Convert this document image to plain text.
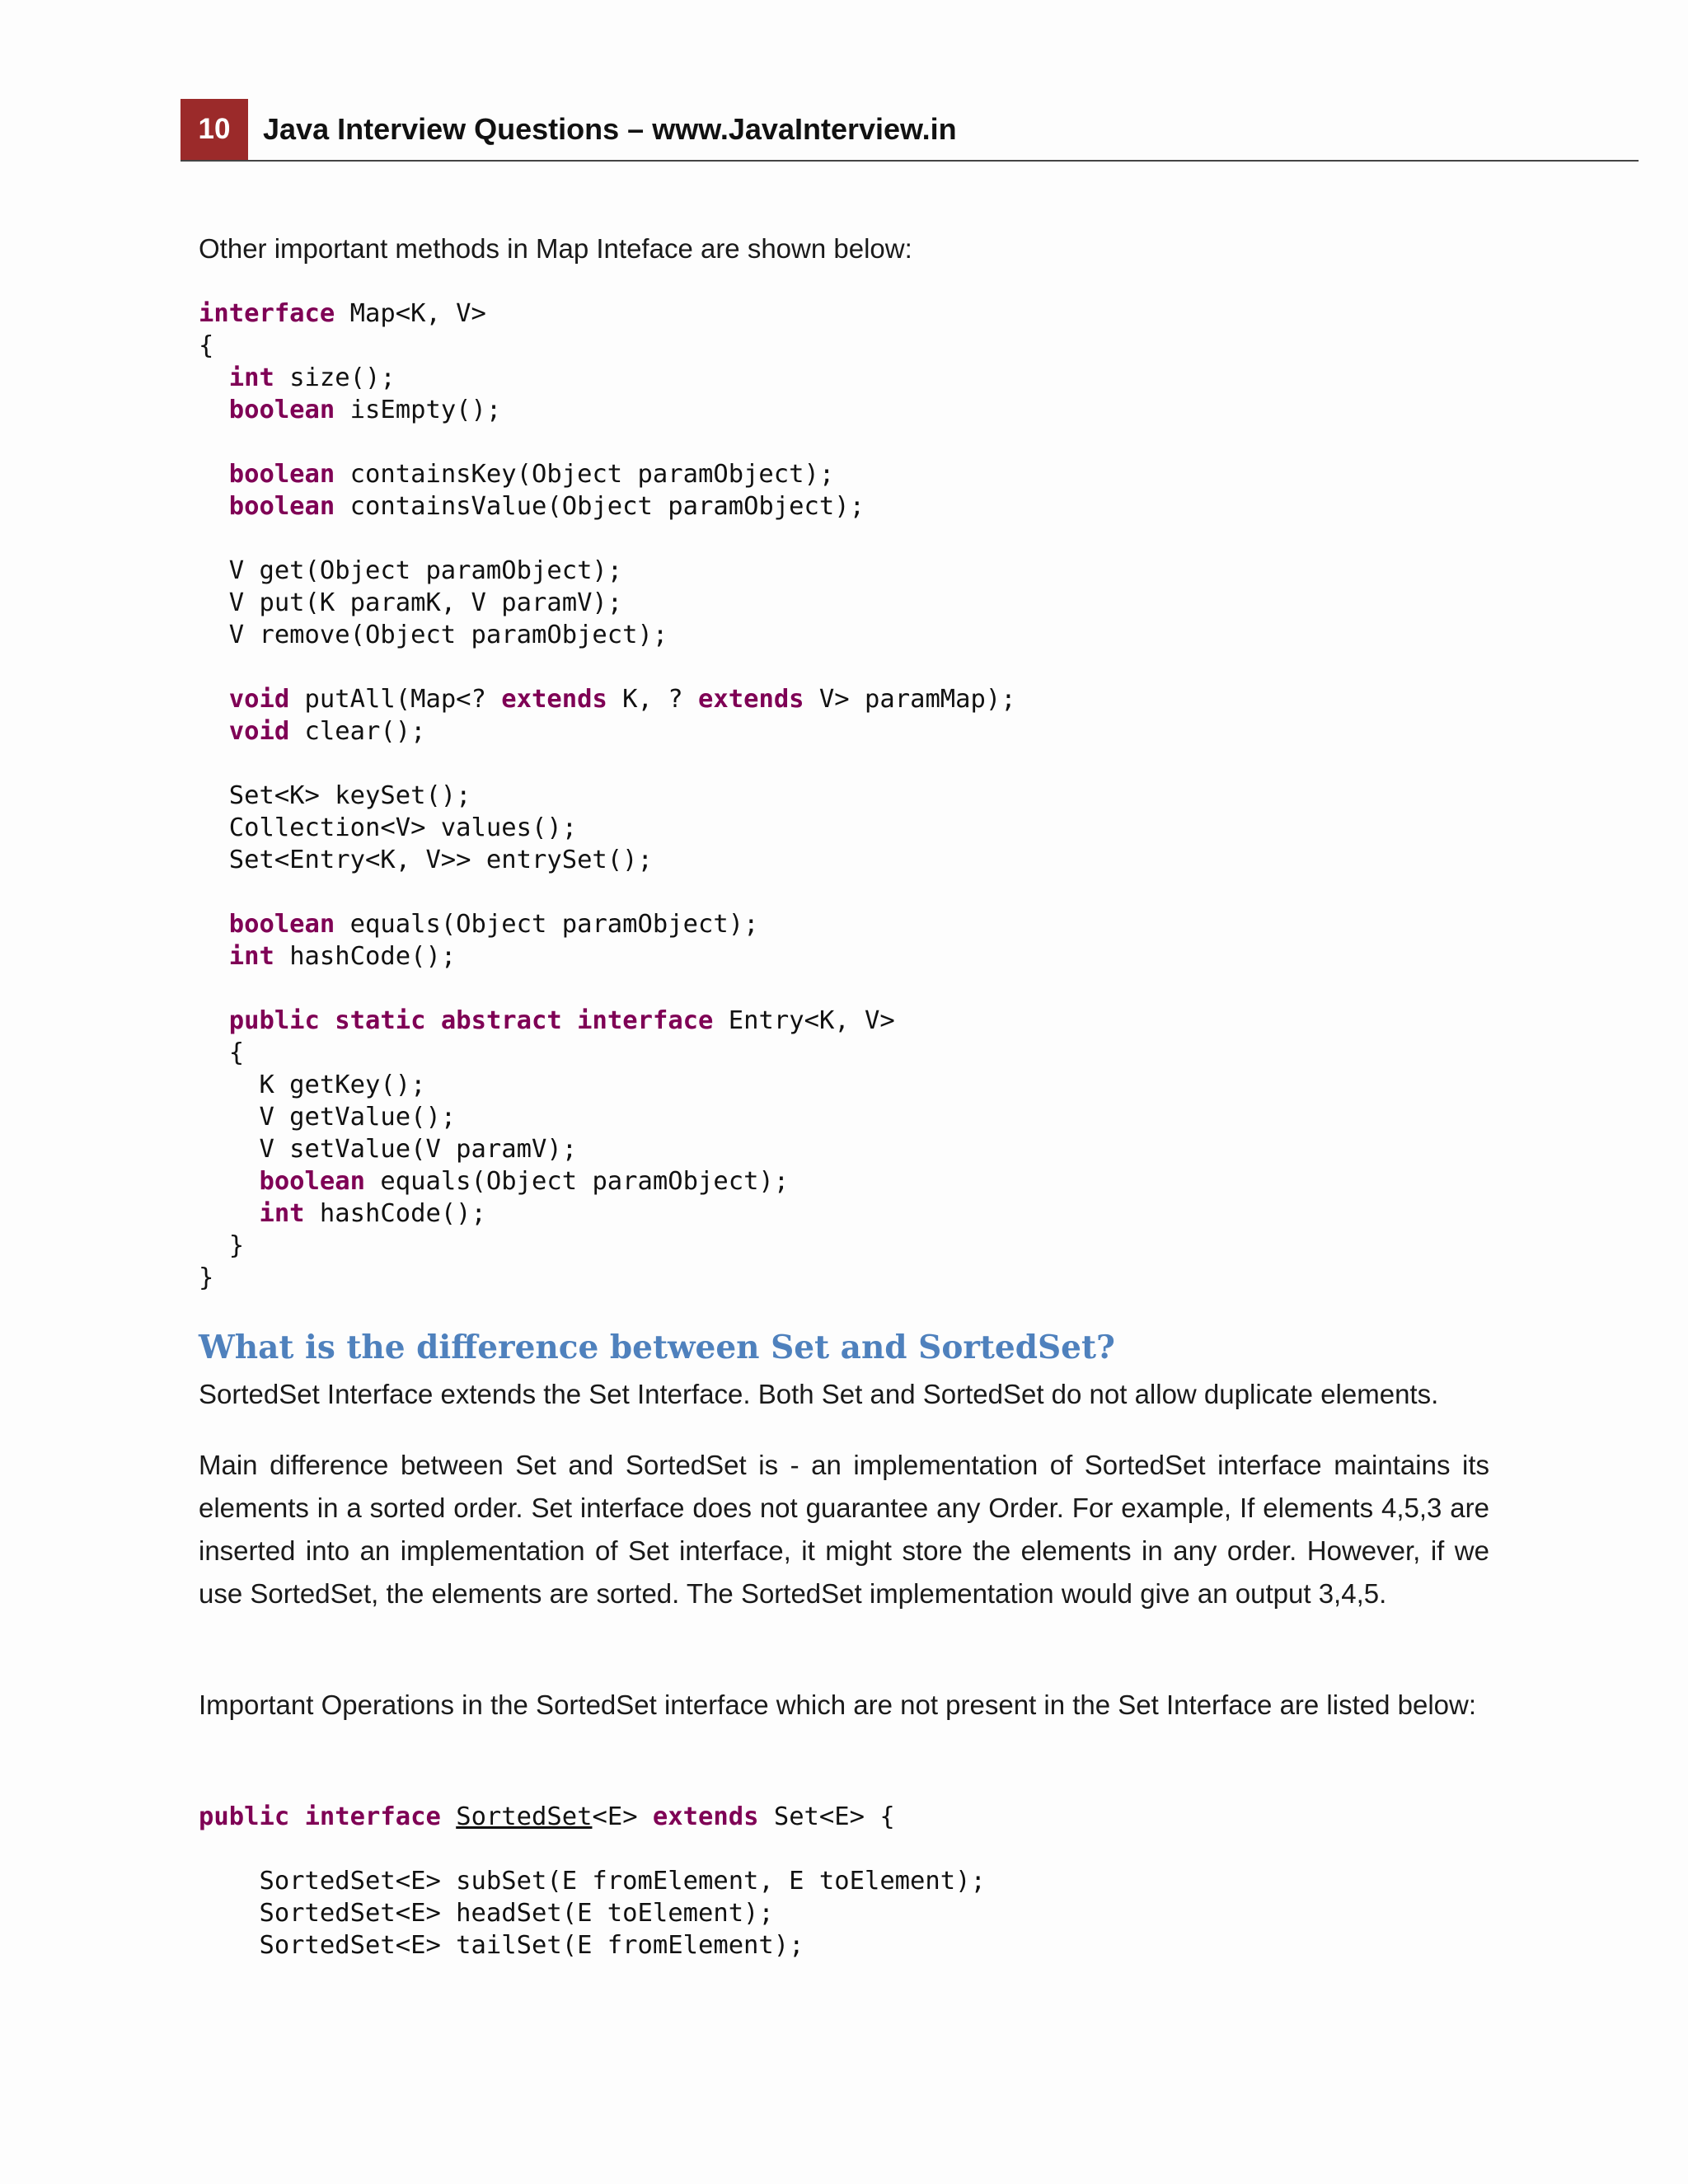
10	Java Interview Questions – www.JavaInterview.in

Other important methods in Map Inteface are shown below:

interface Map<K, V>
{
int size();
boolean isEmpty();

boolean containsKey(Object paramObject);
boolean containsValue(Object paramObject);

V get(Object paramObject);
V put(K paramK, V paramV);
V remove(Object paramObject);

void putAll(Map<? extends K, ? extends V> paramMap);
void clear();

Set<K> keySet();
Collection<V> values();
Set<Entry<K, V>> entrySet();

boolean equals(Object paramObject);
int hashCode();

public static abstract interface Entry<K, V>
{
K getKey();
V getValue();
V setValue(V paramV);
boolean equals(Object paramObject);
int hashCode();
}
}
What is the difference between Set and SortedSet?

SortedSet Interface extends the Set Interface. Both Set and SortedSet do not allow duplicate elements.

Main difference between Set and SortedSet is - an implementation of SortedSet interface maintains its elements in a sorted order. Set interface does not guarantee any Order. For example, If elements 4,5,3 are inserted into an implementation of Set interface, it might store the elements in any order. However, if we use SortedSet, the elements are sorted. The SortedSet implementation would give an output 3,4,5.

Important Operations in the SortedSet interface which are not present in the Set Interface are listed below:

public interface SortedSet<E> extends Set<E> {

SortedSet<E> subSet(E fromElement, E toElement);
SortedSet<E> headSet(E toElement);
SortedSet<E> tailSet(E fromElement);
